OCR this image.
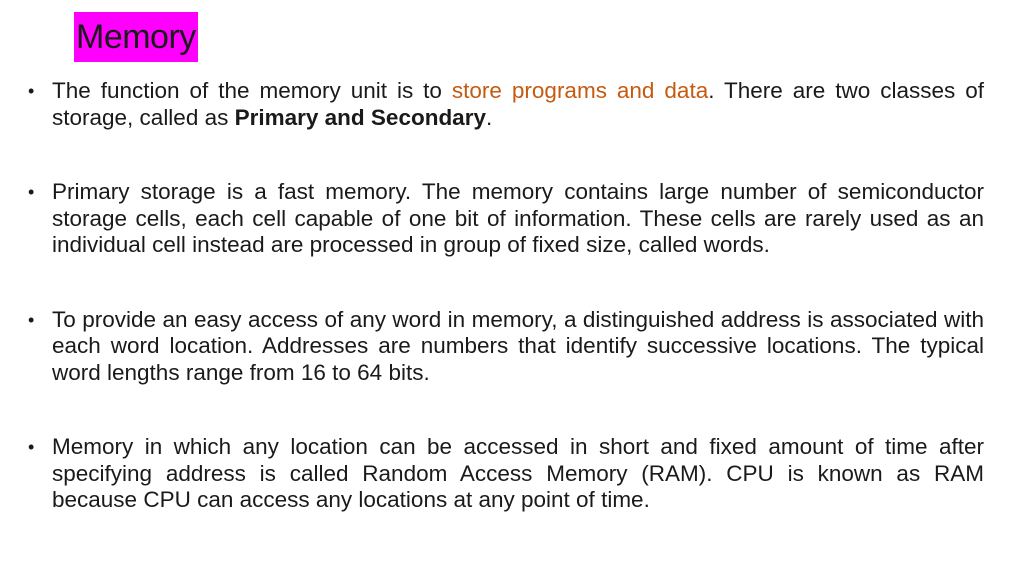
Memory
• The function of the memory unit is to store programs and data. There are two classes of storage, called as Primary and Secondary.
• Primary storage is a fast memory. The memory contains large number of semiconductor storage cells, each cell capable of one bit of information. These cells are rarely used as an individual cell instead are processed in group of fixed size, called words.
• To provide an easy access of any word in memory, a distinguished address is associated with each word location. Addresses are numbers that identify successive locations. The typical word lengths range from 16 to 64 bits.
• Memory in which any location can be accessed in short and fixed amount of time after specifying address is called Random Access Memory (RAM). CPU is known as RAM because CPU can access any locations at any point of time.
